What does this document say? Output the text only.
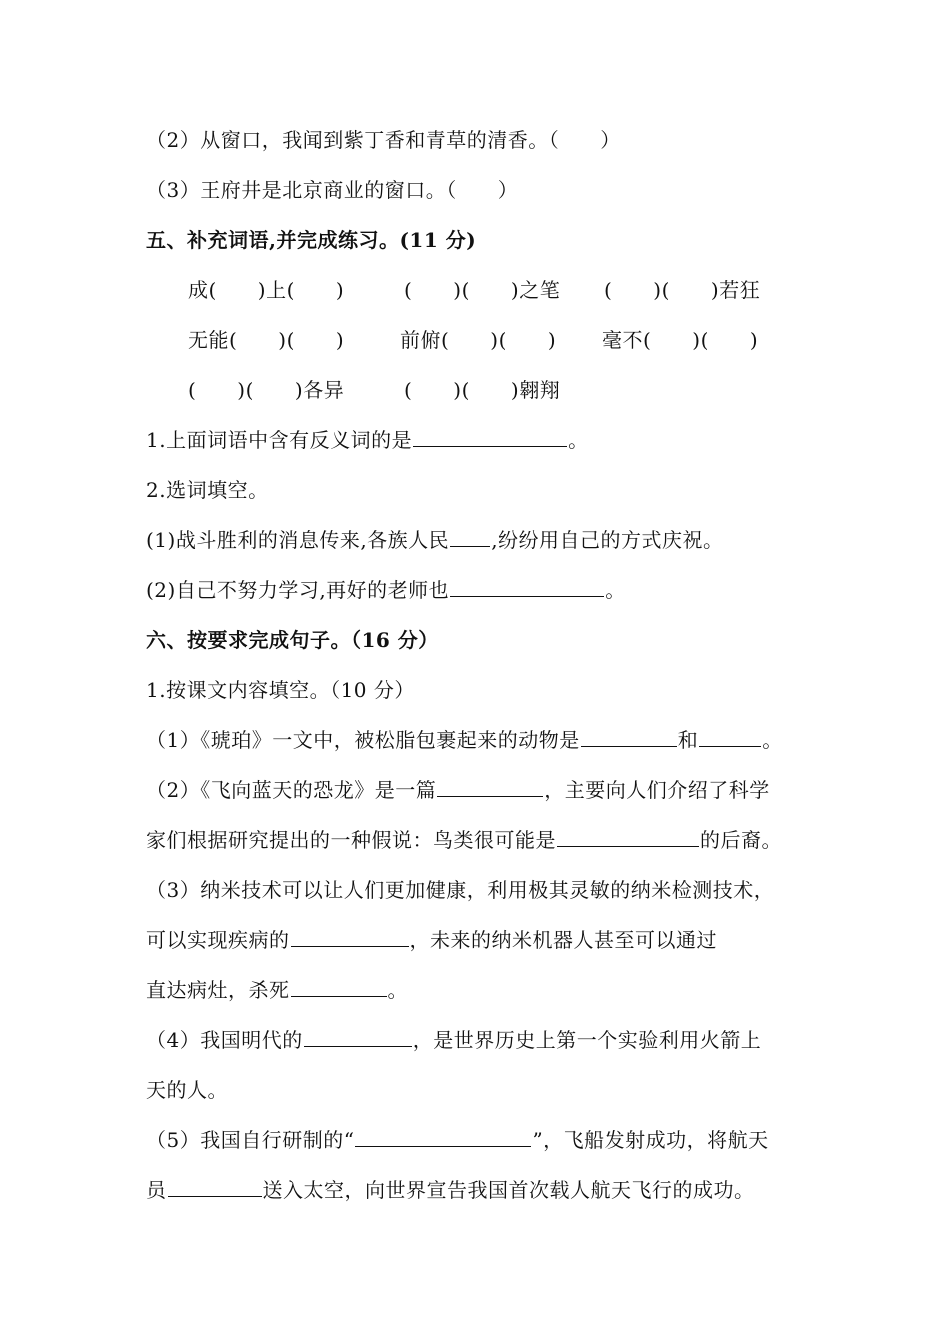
（2）从窗口，我闻到紫丁香和青草的清香。（　　）
（3）王府井是北京商业的窗口。（　　）
五、补充词语,并完成练习。(11 分)
成(　　)上(　　)	(　　)(　　)之笔 (　　)(　　)若狂
无能(　　)(　　)	前俯(　　)(　　) 毫不(　　)(　　)
(　　)(　　)各异	(　　)(　　)翱翔
1.上面词语中含有反义词的是	。
2.选词填空。
(1)战斗胜利的消息传来,各族人民 ,纷纷用自己的方式庆祝。
(2)自己不努力学习,再好的老师也	。
六、按要求完成句子。（16 分）
1.按课文内容填空。（10 分）
（1）《琥珀》一文中，被松脂包裹起来的动物是	和	。
（2）《飞向蓝天的恐龙》是一篇	，主要向人们介绍了科学
家们根据研究提出的一种假说：鸟类很可能是	的后裔。
（3）纳米技术可以让人们更加健康，利用极其灵敏的纳米检测技术，
可以实现疾病的	，未来的纳米机器人甚至可以通过
直达病灶，杀死	。
（4）我国明代的	，是世界历史上第一个实验利用火箭上
天的人。
（5）我国自行研制的“	”，飞船发射成功，将航天
员	送入太空，向世界宣告我国首次载人航天飞行的成功。
